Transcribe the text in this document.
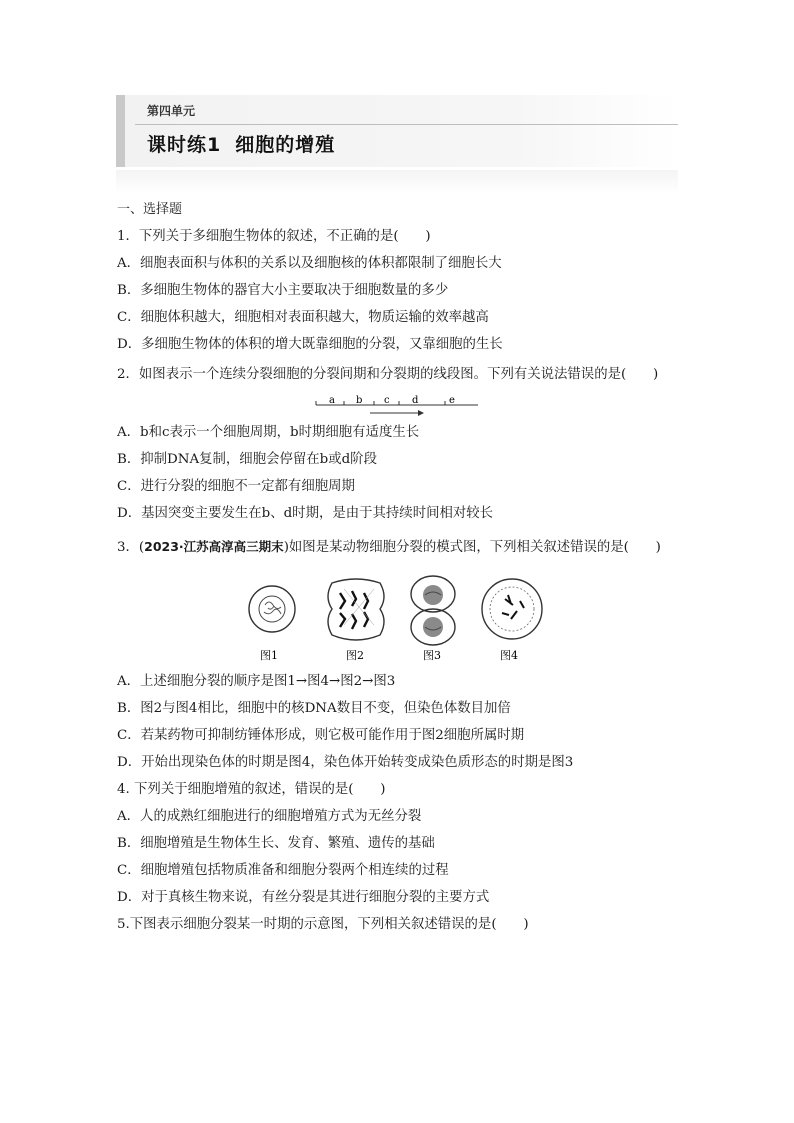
第四单元
课时练1 细胞的增殖
一、选择题
1．下列关于多细胞生物体的叙述，不正确的是(　　)
A．细胞表面积与体积的关系以及细胞核的体积都限制了细胞长大
B．多细胞生物体的器官大小主要取决于细胞数量的多少
C．细胞体积越大，细胞相对表面积越大，物质运输的效率越高
D．多细胞生物体的体积的增大既靠细胞的分裂，又靠细胞的生长
2．如图表示一个连续分裂细胞的分裂间期和分裂期的线段图。下列有关说法错误的是(　　)
a b c d	e
A．b和c表示一个细胞周期，b时期细胞有适度生长
B．抑制DNA复制，细胞会停留在b或d阶段
C．进行分裂的细胞不一定都有细胞周期
D．基因突变主要发生在b、d时期，是由于其持续时间相对较长
3．(2023·江苏高淳高三期末)如图是某动物细胞分裂的模式图，下列相关叙述错误的是(　　)
图1	图2	图3	图4
A．上述细胞分裂的顺序是图1→图4→图2→图3
B．图2与图4相比，细胞中的核DNA数目不变，但染色体数目加倍
C．若某药物可抑制纺锤体形成，则它极可能作用于图2细胞所属时期
D．开始出现染色体的时期是图4，染色体开始转变成染色质形态的时期是图3
4. 下列关于细胞增殖的叙述，错误的是(　　)
A．人的成熟红细胞进行的细胞增殖方式为无丝分裂
B．细胞增殖是生物体生长、发育、繁殖、遗传的基础
C．细胞增殖包括物质准备和细胞分裂两个相连续的过程
D．对于真核生物来说，有丝分裂是其进行细胞分裂的主要方式
5.下图表示细胞分裂某一时期的示意图，下列相关叙述错误的是(　　)
